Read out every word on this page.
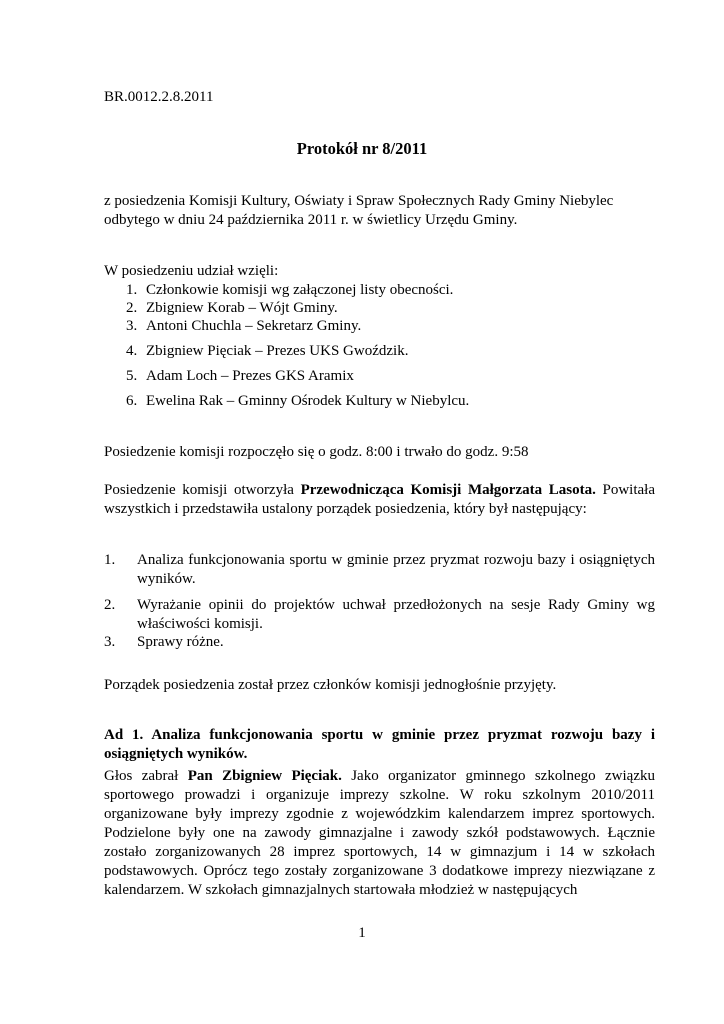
BR.0012.2.8.2011
Protokół nr 8/2011
z posiedzenia Komisji Kultury, Oświaty i Spraw Społecznych Rady Gminy Niebylec
odbytego w dniu 24 października 2011 r. w świetlicy Urzędu Gminy.
W posiedzeniu udział wzięli:
1. Członkowie komisji wg załączonej listy obecności.
2. Zbigniew Korab – Wójt Gminy.
3. Antoni Chuchla – Sekretarz Gminy.
4. Zbigniew Pięciak – Prezes UKS Gwoździk.
5. Adam Loch – Prezes GKS Aramix
6. Ewelina Rak – Gminny Ośrodek Kultury w Niebylcu.
Posiedzenie komisji rozpoczęło się o godz. 8:00 i trwało do godz. 9:58
Posiedzenie komisji otworzyła Przewodnicząca Komisji Małgorzata Lasota. Powitała wszystkich i przedstawiła ustalony porządek posiedzenia, który był następujący:
1. Analiza funkcjonowania sportu w gminie przez pryzmat rozwoju bazy i osiągniętych wyników.
2. Wyrażanie opinii do projektów uchwał przedłożonych na sesje Rady Gminy wg właściwości komisji.
3. Sprawy różne.
Porządek posiedzenia został przez członków komisji jednogłośnie przyjęty.
Ad 1. Analiza funkcjonowania sportu w gminie przez pryzmat rozwoju bazy i osiągniętych wyników.
Głos zabrał Pan Zbigniew Pięciak. Jako organizator gminnego szkolnego związku sportowego prowadzi i organizuje imprezy szkolne. W roku szkolnym 2010/2011 organizowane były imprezy zgodnie z wojewódzkim kalendarzem imprez sportowych. Podzielone były one na zawody gimnazjalne i zawody szkół podstawowych. Łącznie zostało zorganizowanych 28 imprez sportowych, 14 w gimnazjum i 14 w szkołach podstawowych. Oprócz tego zostały zorganizowane 3 dodatkowe imprezy niezwiązane z kalendarzem. W szkołach gimnazjalnych startowała młodzież w następujących
1
